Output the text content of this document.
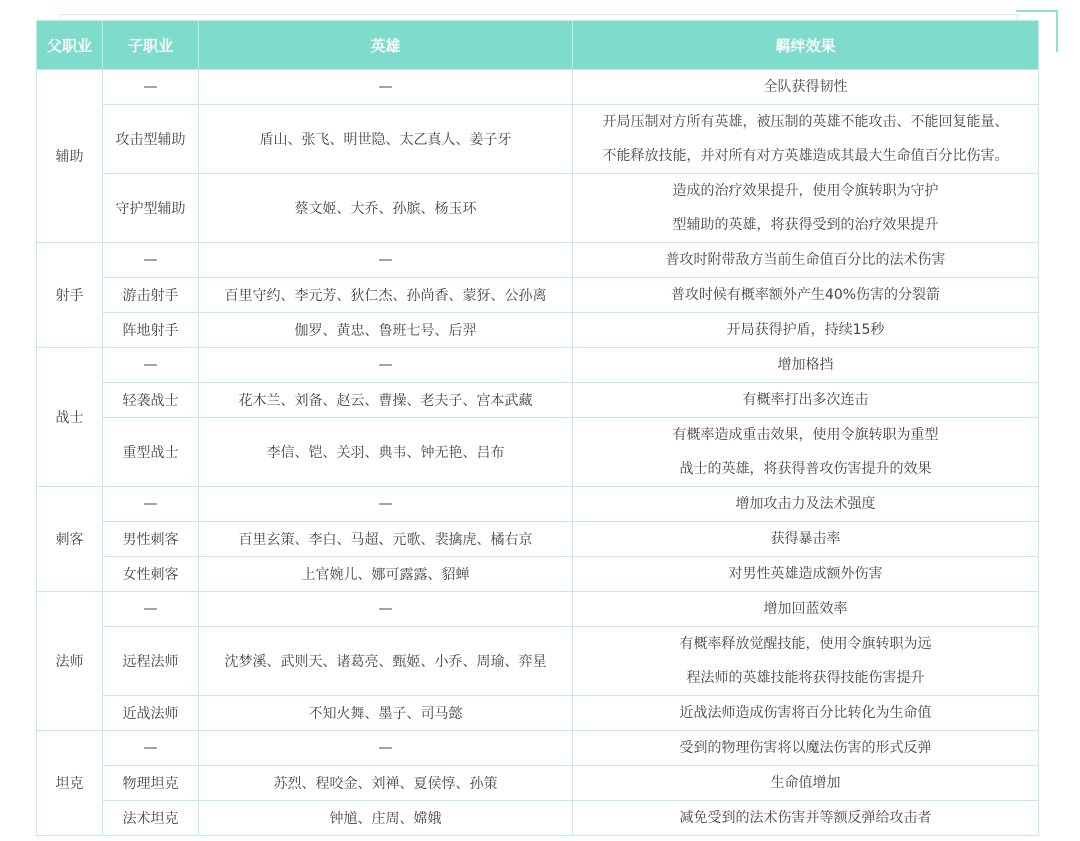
父职业	子职业	英雄	羁绊效果
辅助	—	—	全队获得韧性

	攻击型辅助	盾山、张飞、明世隐、太乙真人、姜子牙	开局压制对方所有英雄，被压制的英雄不能攻击、不能回复能量、
不能释放技能，并对所有对方英雄造成其最大生命值百分比伤害。

	守护型辅助	蔡文姬、大乔、孙膑、杨玉环	造成的治疗效果提升，使用令旗转职为守护
型辅助的英雄，将获得受到的治疗效果提升

射手	—	—	普攻时附带敌方当前生命值百分比的法术伤害

	游击射手	百里守约、李元芳、狄仁杰、孙尚香、蒙犽、公孙离	普攻时候有概率额外产生40%伤害的分裂箭

	阵地射手	伽罗、黄忠、鲁班七号、后羿	开局获得护盾，持续15秒

战士	—	—	增加格挡

	轻袭战士	花木兰、刘备、赵云、曹操、老夫子、宫本武藏	有概率打出多次连击

	重型战士	李信、铠、关羽、典韦、钟无艳、吕布	有概率造成重击效果，使用令旗转职为重型
战士的英雄，将获得普攻伤害提升的效果

刺客	—	—	增加攻击力及法术强度

	男性刺客	百里玄策、李白、马超、元歌、裴擒虎、橘右京	获得暴击率

	女性刺客	上官婉儿、娜可露露、貂蝉	对男性英雄造成额外伤害

法师	—	—	增加回蓝效率

	远程法师	沈梦溪、武则天、诸葛亮、甄姬、小乔、周瑜、弈星	有概率释放觉醒技能，使用令旗转职为远
程法师的英雄技能将获得技能伤害提升

	近战法师	不知火舞、墨子、司马懿	近战法师造成伤害将百分比转化为生命值

坦克	—	—	受到的物理伤害将以魔法伤害的形式反弹

	物理坦克	苏烈、程咬金、刘禅、夏侯惇、孙策	生命值增加

	法术坦克	钟馗、庄周、嫦娥	减免受到的法术伤害并等额反弹给攻击者
